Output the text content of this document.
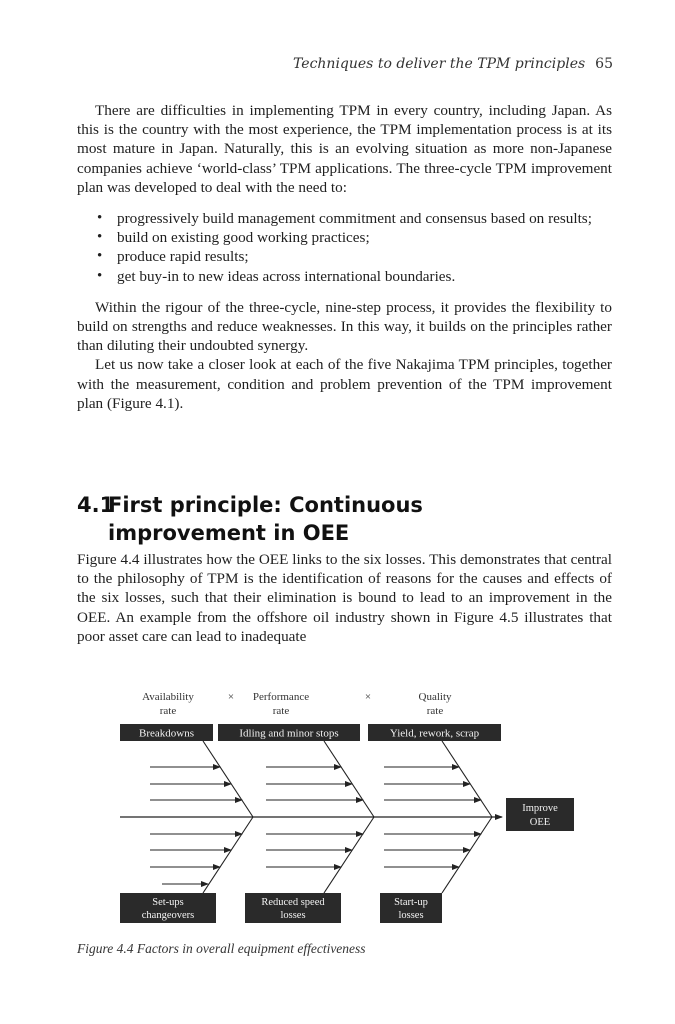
Techniques to deliver the TPM principles 65

There are difficulties in implementing TPM in every country, including Japan. As this is the country with the most experience, the TPM implementation process is at its most mature in Japan. Naturally, this is an evolving situation as more non-Japanese companies achieve ‘world-class’ TPM applications. The three-cycle TPM improvement plan was developed to deal with the need to:

• progressively build management commitment and consensus based on results;
• build on existing good working practices;
• produce rapid results;
• get buy-in to new ideas across international boundaries.

Within the rigour of the three-cycle, nine-step process, it provides the flexibility to build on strengths and reduce weaknesses. In this way, it builds on the principles rather than diluting their undoubted synergy.

Let us now take a closer look at each of the five Nakajima TPM principles, together with the measurement, condition and problem prevention of the TPM improvement plan (Figure 4.1).

4.1First principle: Continuous
improvement in OEE

Figure 4.4 illustrates how the OEE links to the six losses. This demonstrates that central to the philosophy of TPM is the identification of reasons for the causes and effects of the six losses, such that their elimination is bound to lead to an improvement in the OEE. An example from the offshore oil industry shown in Figure 4.5 illustrates that poor asset care can lead to inadequate

Availability
rate
× Performance
rate
×	Quality
rate
Breakdowns	Idling and minor stops	Yield, rework, scrap
Set-ups
changeovers
Reduced speed
losses
Start-up
losses
Improve
OEE
Figure 4.4 Factors in overall equipment effectiveness
